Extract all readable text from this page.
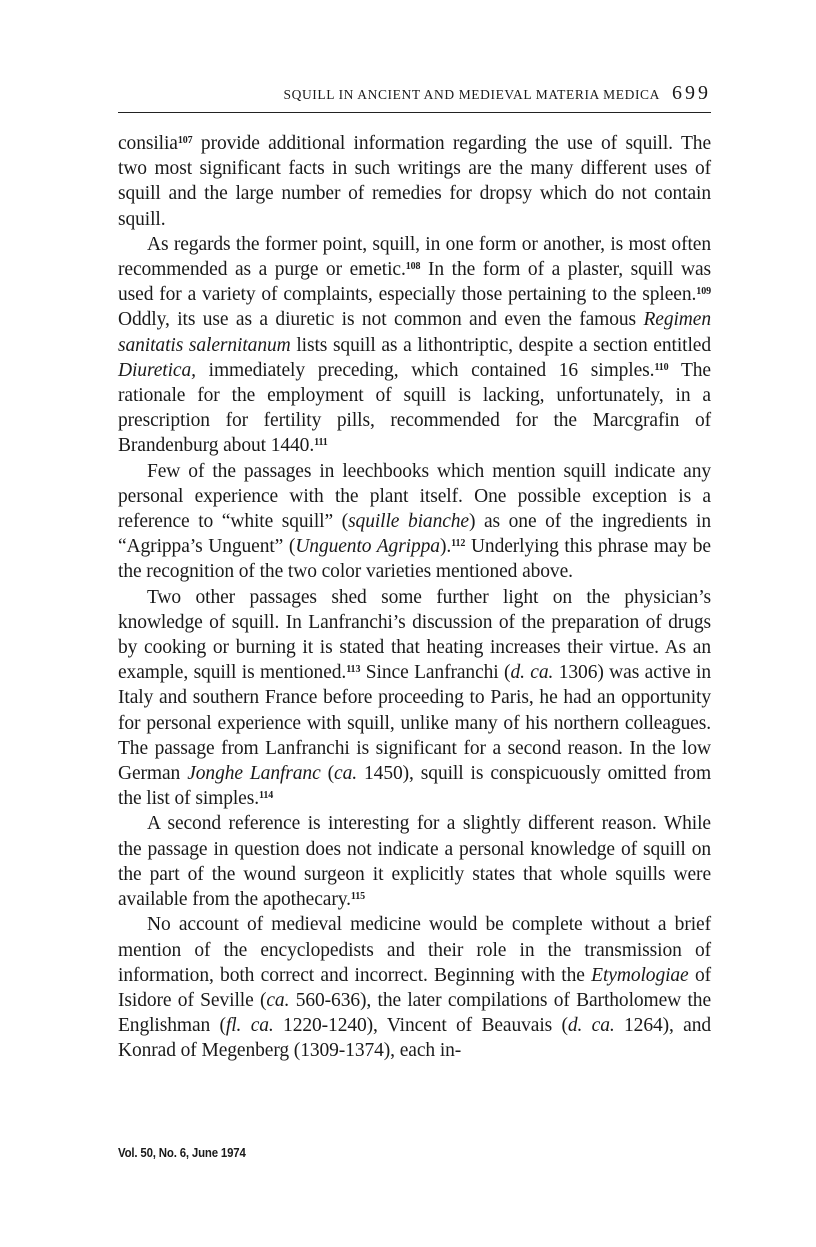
SQUILL IN ANCIENT AND MEDIEVAL MATERIA MEDICA 699

consilia$^{107}$ provide additional information regarding the use of squill. The two most significant facts in such writings are the many different uses of squill and the large number of remedies for dropsy which do not contain squill.

As regards the former point, squill, in one form or another, is most often recommended as a purge or emetic.$^{108}$ In the form of a plaster, squill was used for a variety of complaints, especially those pertaining to the spleen.$^{109}$ Oddly, its use as a diuretic is not common and even the famous Regimen sanitatis salernitanum lists squill as a lithontriptic, despite a section entitled Diuretica, immediately preceding, which contained 16 simples.$^{110}$ The rationale for the employment of squill is lacking, unfortunately, in a prescription for fertility pills, recommended for the Marcgrafin of Brandenburg about 1440.$^{111}$

Few of the passages in leechbooks which mention squill indicate any personal experience with the plant itself. One possible exception is a reference to “white squill” (squille bianche) as one of the ingredients in “Agrippa’s Unguent” (Unguento Agrippa).$^{112}$ Underlying this phrase may be the recognition of the two color varieties mentioned above.

Two other passages shed some further light on the physician’s knowledge of squill. In Lanfranchi’s discussion of the preparation of drugs by cooking or burning it is stated that heating increases their virtue. As an example, squill is mentioned.$^{113}$ Since Lanfranchi (d. ca. 1306) was active in Italy and southern France before proceeding to Paris, he had an opportunity for personal experience with squill, unlike many of his northern colleagues. The passage from Lanfranchi is significant for a second reason. In the low German Jonghe Lanfranc (ca. 1450), squill is conspicuously omitted from the list of simples.$^{114}$

A second reference is interesting for a slightly different reason. While the passage in question does not indicate a personal knowledge of squill on the part of the wound surgeon it explicitly states that whole squills were available from the apothecary.$^{115}$

No account of medieval medicine would be complete without a brief mention of the encyclopedists and their role in the transmission of information, both correct and incorrect. Beginning with the Etymologiae of Isidore of Seville (ca. 560-636), the later compilations of Bartholomew the Englishman (fl. ca. 1220-1240), Vincent of Beauvais (d. ca. 1264), and Konrad of Megenberg (1309-1374), each in-

Vol. 50, No. 6, June 1974
